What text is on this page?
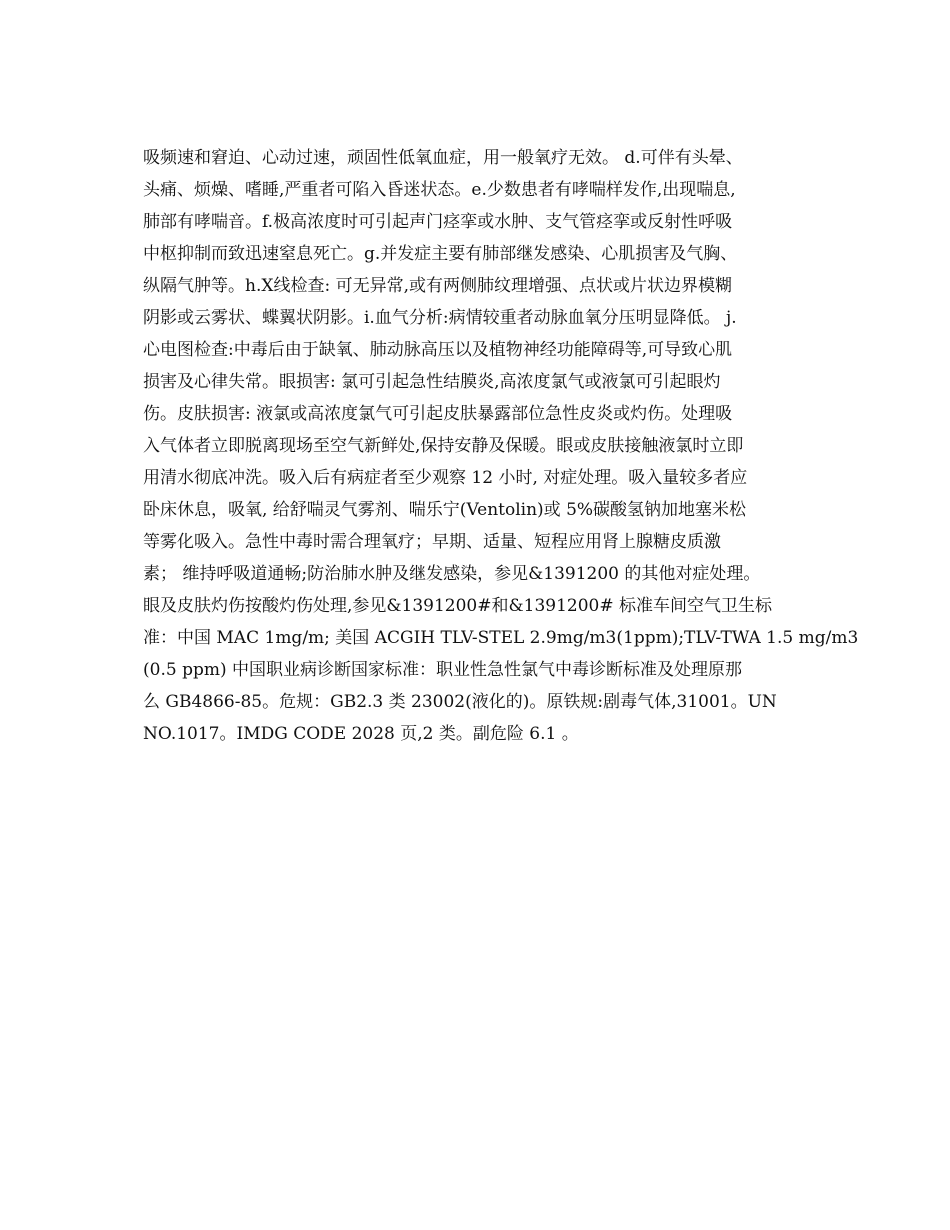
吸频速和窘迫、心动过速，顽固性低氧血症，用一般氧疗无效。 d.可伴有头晕、
头痛、烦燥、嗜睡,严重者可陷入昏迷状态。e.少数患者有哮喘样发作,出现喘息,
肺部有哮喘音。f.极高浓度时可引起声门痉挛或水肿、支气管痉挛或反射性呼吸
中枢抑制而致迅速窒息死亡。g.并发症主要有肺部继发感染、心肌损害及气胸、
纵隔气肿等。h.X线检查: 可无异常,或有两侧肺纹理增强、点状或片状边界模糊
阴影或云雾状、蝶翼状阴影。i.血气分析:病情较重者动脉血氧分压明显降低。 j.
心电图检查:中毒后由于缺氧、肺动脉高压以及植物神经功能障碍等,可导致心肌
损害及心律失常。眼损害: 氯可引起急性结膜炎,高浓度氯气或液氯可引起眼灼
伤。皮肤损害: 液氯或高浓度氯气可引起皮肤暴露部位急性皮炎或灼伤。处理吸
入气体者立即脱离现场至空气新鲜处,保持安静及保暖。眼或皮肤接触液氯时立即
用清水彻底冲洗。吸入后有病症者至少观察 12 小时, 对症处理。吸入量较多者应
卧床休息，吸氧, 给舒喘灵气雾剂、喘乐宁(Ventolin)或 5%碳酸氢钠加地塞米松
等雾化吸入。急性中毒时需合理氧疗；早期、适量、短程应用肾上腺糖皮质激
素； 维持呼吸道通畅;防治肺水肿及继发感染，参见&1391200 的其他对症处理。
眼及皮肤灼伤按酸灼伤处理,参见&1391200#和&1391200# 标准车间空气卫生标
准：中国 MAC 1mg/m; 美国 ACGIH TLV-STEL 2.9mg/m3(1ppm);TLV-TWA 1.5 mg/m3
(0.5 ppm) 中国职业病诊断国家标准：职业性急性氯气中毒诊断标准及处理原那
么 GB4866-85。危规：GB2.3 类 23002(液化的)。原铁规:剧毒气体,31001。UN
NO.1017。IMDG CODE 2028 页,2 类。副危险 6.1 。
